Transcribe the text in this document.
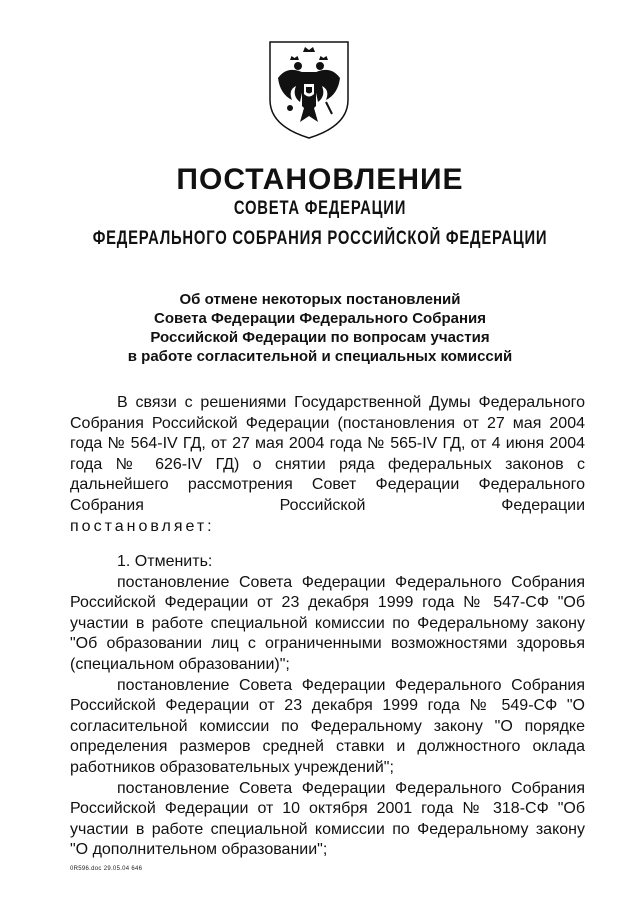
ПОСТАНОВЛЕНИЕ
СОВЕТА ФЕДЕРАЦИИ
ФЕДЕРАЛЬНОГО СОБРАНИЯ РОССИЙСКОЙ ФЕДЕРАЦИИ
Об отмене некоторых постановлений
Совета Федерации Федерального Собрания
Российской Федерации по вопросам участия
в работе согласительной и специальных комиссий
В связи с решениями Государственной Думы Федерального Собрания Российской Федерации (постановления от 27 мая 2004 года № 564-IV ГД, от 27 мая 2004 года № 565-IV ГД, от 4 июня 2004 года № 626-IV ГД) о снятии ряда федеральных законов с дальнейшего рассмотрения Совет Федерации Федерального Собрания Российской Федерации
постановляет:
1. Отменить:
постановление Совета Федерации Федерального Собрания Российской Федерации от 23 декабря 1999 года № 547-СФ "Об участии в работе специальной комиссии по Федеральному закону "Об образовании лиц с ограниченными возможностями здоровья (специальном образовании)";
постановление Совета Федерации Федерального Собрания Российской Федерации от 23 декабря 1999 года № 549-СФ "О согласительной комиссии по Федеральному закону "О порядке определения размеров средней ставки и должностного оклада работников образовательных учреждений";
постановление Совета Федерации Федерального Собрания Российской Федерации от 10 октября 2001 года № 318-СФ "Об участии в работе специальной комиссии по Федеральному закону "О дополнительном образовании";
0R596.doc 29.05.04 646
